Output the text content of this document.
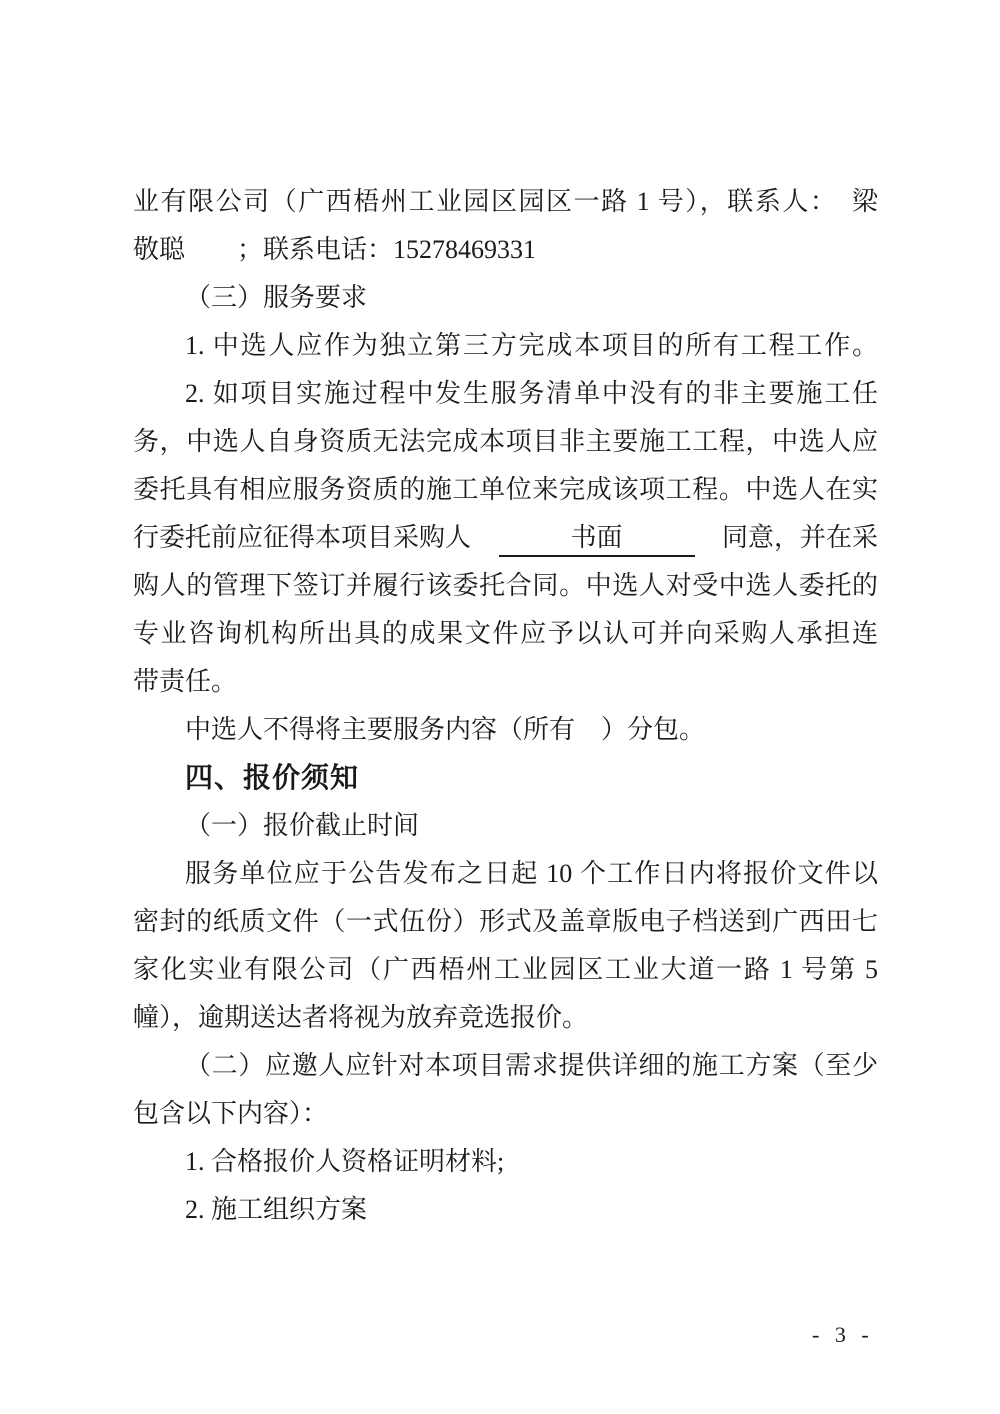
业有限公司（广西梧州工业园区园区一路 1 号），联系人：　梁
敬聪　　；联系电话：15278469331
（三）服务要求
1. 中选人应作为独立第三方完成本项目的所有工程工作。
2. 如项目实施过程中发生服务清单中没有的非主要施工任
务，中选人自身资质无法完成本项目非主要施工工程，中选人应
委托具有相应服务资质的施工单位来完成该项工程。中选人在实
行委托前应征得本项目采购人	书面	同意，并在采
购人的管理下签订并履行该委托合同。中选人对受中选人委托的
专业咨询机构所出具的成果文件应予以认可并向采购人承担连
带责任。
中选人不得将主要服务内容（所有　）分包。
四、报价须知
（一）报价截止时间
服务单位应于公告发布之日起 10 个工作日内将报价文件以
密封的纸质文件（一式伍份）形式及盖章版电子档送到广西田七
家化实业有限公司（广西梧州工业园区工业大道一路 1 号第 5
幢），逾期送达者将视为放弃竞选报价。
（二）应邀人应针对本项目需求提供详细的施工方案（至少
包含以下内容）：
1. 合格报价人资格证明材料;
2. 施工组织方案
- 3 -
